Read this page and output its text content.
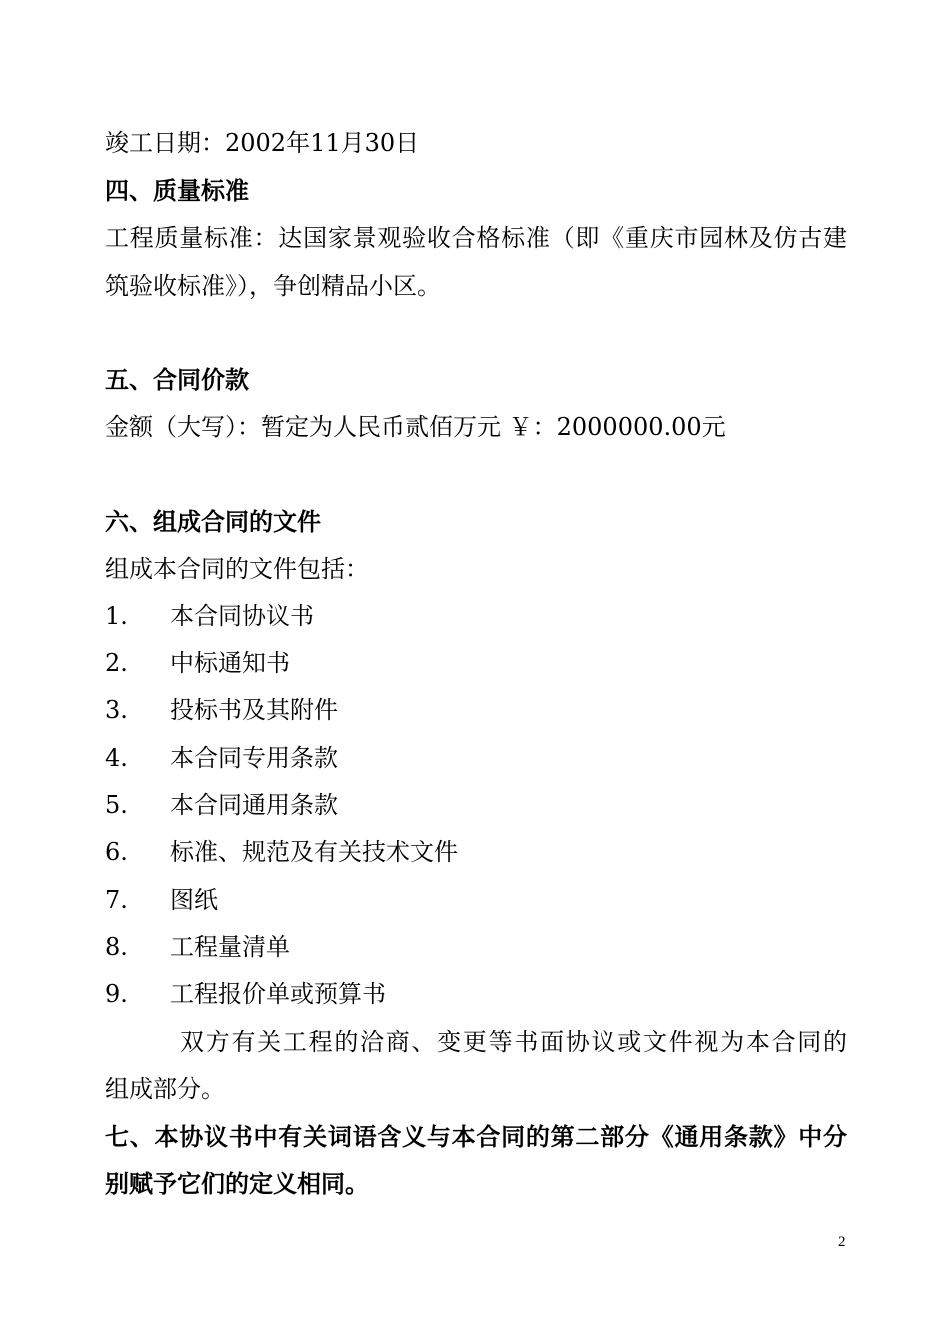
竣工日期：2002年11月30日
四、质量标准
工程质量标准：达国家景观验收合格标准（即《重庆市园林及仿古建
筑验收标准》），争创精品小区。
五、合同价款
金额（大写）：暂定为人民币贰佰万元 ￥：2000000.00元
六、组成合同的文件
组成本合同的文件包括：
1. 本合同协议书
2. 中标通知书
3. 投标书及其附件
4. 本合同专用条款
5. 本合同通用条款
6. 标准、规范及有关技术文件
7. 图纸
8. 工程量清单
9. 工程报价单或预算书
双方有关工程的洽商、变更等书面协议或文件视为本合同的
组成部分。
七、本协议书中有关词语含义与本合同的第二部分《通用条款》中分
别赋予它们的定义相同。
2
